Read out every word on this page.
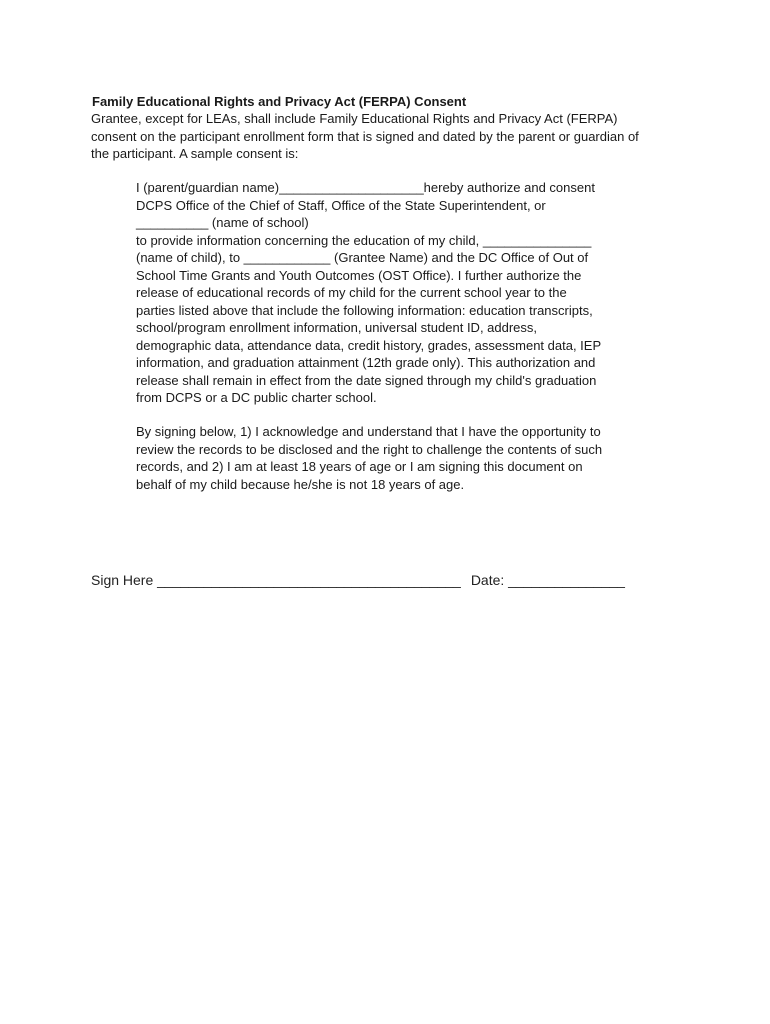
Family Educational Rights and Privacy Act (FERPA) Consent
Grantee, except for LEAs, shall include Family Educational Rights and Privacy Act (FERPA)
consent on the participant enrollment form that is signed and dated by the parent or guardian of
the participant. A sample consent is:
I (parent/guardian name)____________________hereby authorize and consent
DCPS Office of the Chief of Staff, Office of the State Superintendent, or
__________ (name of school)
to provide information concerning the education of my child, _______________
(name of child), to ____________ (Grantee Name) and the DC Office of Out of
School Time Grants and Youth Outcomes (OST Office). I further authorize the
release of educational records of my child for the current school year to the
parties listed above that include the following information: education transcripts,
school/program enrollment information, universal student ID, address,
demographic data, attendance data, credit history, grades, assessment data, IEP
information, and graduation attainment (12th grade only). This authorization and
release shall remain in effect from the date signed through my child's graduation
from DCPS or a DC public charter school.
By signing below, 1) I acknowledge and understand that I have the opportunity to
review the records to be disclosed and the right to challenge the contents of such
records, and 2) I am at least 18 years of age or I am signing this document on
behalf of my child because he/she is not 18 years of age.
Sign Here _______________________________________ Date: _______________
